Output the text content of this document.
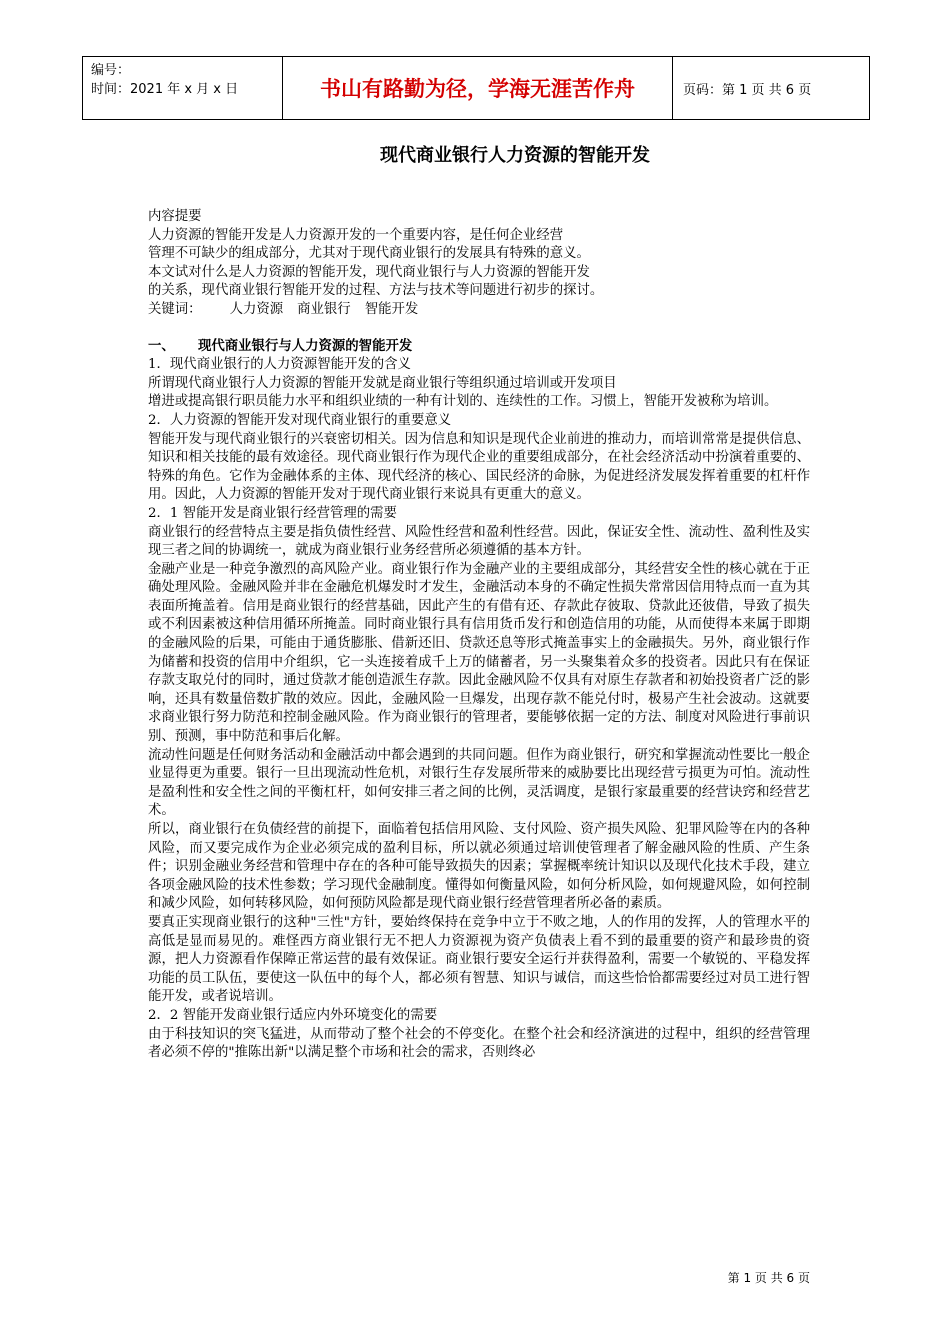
编号：
时间：2021 年 x 月 x 日	书山有路勤为径，学海无涯苦作舟	页码：第 1 页 共 6 页
现代商业银行人力资源的智能开发

内容提要

人力资源的智能开发是人力资源开发的一个重要内容，是任何企业经营

管理不可缺少的组成部分，尤其对于现代商业银行的发展具有特殊的意义。

本文试对什么是人力资源的智能开发，现代商业银行与人力资源的智能开发

的关系，现代商业银行智能开发的过程、方法与技术等问题进行初步的探讨。

关键词： 人力资源 商业银行 智能开发

一、 现代商业银行与人力资源的智能开发

1．现代商业银行的人力资源智能开发的含义

所谓现代商业银行人力资源的智能开发就是商业银行等组织通过培训或开发项目

增进或提高银行职员能力水平和组织业绩的一种有计划的、连续性的工作。习惯上，智能开发被称为培训。

2．人力资源的智能开发对现代商业银行的重要意义

智能开发与现代商业银行的兴衰密切相关。因为信息和知识是现代企业前进的推动力，而培训常常是提供信息、知识和相关技能的最有效途径。现代商业银行作为现代企业的重要组成部分，在社会经济活动中扮演着重要的、特殊的角色。它作为金融体系的主体、现代经济的核心、国民经济的命脉，为促进经济发展发挥着重要的杠杆作用。因此，人力资源的智能开发对于现代商业银行来说具有更重大的意义。

2．1 智能开发是商业银行经营管理的需要

商业银行的经营特点主要是指负债性经营、风险性经营和盈利性经营。因此，保证安全性、流动性、盈利性及实现三者之间的协调统一，就成为商业银行业务经营所必须遵循的基本方针。

金融产业是一种竞争激烈的高风险产业。商业银行作为金融产业的主要组成部分，其经营安全性的核心就在于正确处理风险。金融风险并非在金融危机爆发时才发生，金融活动本身的不确定性损失常常因信用特点而一直为其表面所掩盖着。信用是商业银行的经营基础，因此产生的有借有还、存款此存彼取、贷款此还彼借，导致了损失或不利因素被这种信用循环所掩盖。同时商业银行具有信用货币发行和创造信用的功能，从而使得本来属于即期的金融风险的后果，可能由于通货膨胀、借新还旧、贷款还息等形式掩盖事实上的金融损失。另外，商业银行作为储蓄和投资的信用中介组织，它一头连接着成千上万的储蓄者，另一头聚集着众多的投资者。因此只有在保证存款支取兑付的同时，通过贷款才能创造派生存款。因此金融风险不仅具有对原生存款者和初始投资者广泛的影响，还具有数量倍数扩散的效应。因此，金融风险一旦爆发，出现存款不能兑付时，极易产生社会波动。这就要求商业银行努力防范和控制金融风险。作为商业银行的管理者，要能够依据一定的方法、制度对风险进行事前识别、预测，事中防范和事后化解。

流动性问题是任何财务活动和金融活动中都会遇到的共同问题。但作为商业银行，研究和掌握流动性要比一般企业显得更为重要。银行一旦出现流动性危机，对银行生存发展所带来的威胁要比出现经营亏损更为可怕。流动性是盈利性和安全性之间的平衡杠杆，如何安排三者之间的比例，灵活调度，是银行家最重要的经营诀窍和经营艺术。

所以，商业银行在负债经营的前提下，面临着包括信用风险、支付风险、资产损失风险、犯罪风险等在内的各种风险，而又要完成作为企业必须完成的盈利目标，所以就必须通过培训使管理者了解金融风险的性质、产生条件；识别金融业务经营和管理中存在的各种可能导致损失的因素；掌握概率统计知识以及现代化技术手段，建立各项金融风险的技术性参数；学习现代金融制度。懂得如何衡量风险，如何分析风险，如何规避风险，如何控制和减少风险，如何转移风险，如何预防风险都是现代商业银行经营管理者所必备的素质。

要真正实现商业银行的这种"三性"方针，要始终保持在竞争中立于不败之地，人的作用的发挥，人的管理水平的高低是显而易见的。难怪西方商业银行无不把人力资源视为资产负债表上看不到的最重要的资产和最珍贵的资源，把人力资源看作保障正常运营的最有效保证。商业银行要安全运行并获得盈利，需要一个敏锐的、平稳发挥功能的员工队伍，要使这一队伍中的每个人，都必须有智慧、知识与诚信，而这些恰恰都需要经过对员工进行智能开发，或者说培训。

2．2 智能开发商业银行适应内外环境变化的需要

由于科技知识的突飞猛进，从而带动了整个社会的不停变化。在整个社会和经济演进的过程中，组织的经营管理者必须不停的"推陈出新"以满足整个市场和社会的需求，否则终必

第 1 页 共 6 页
